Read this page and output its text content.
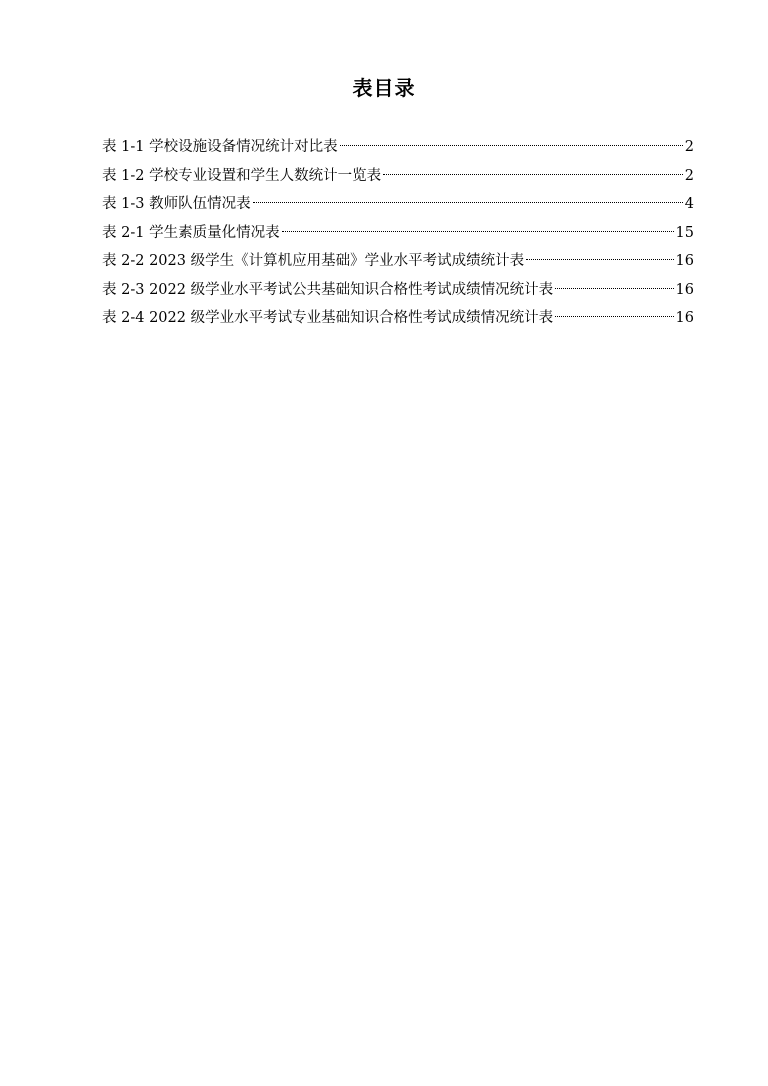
表目录
表 1-1 学校设施设备情况统计对比表	2
表 1-2 学校专业设置和学生人数统计一览表	2
表 1-3 教师队伍情况表	4
表 2-1 学生素质量化情况表	15
表 2-2 2023 级学生《计算机应用基础》学业水平考试成绩统计表	16
表 2-3 2022 级学业水平考试公共基础知识合格性考试成绩情况统计表	16
表 2-4 2022 级学业水平考试专业基础知识合格性考试成绩情况统计表	16
